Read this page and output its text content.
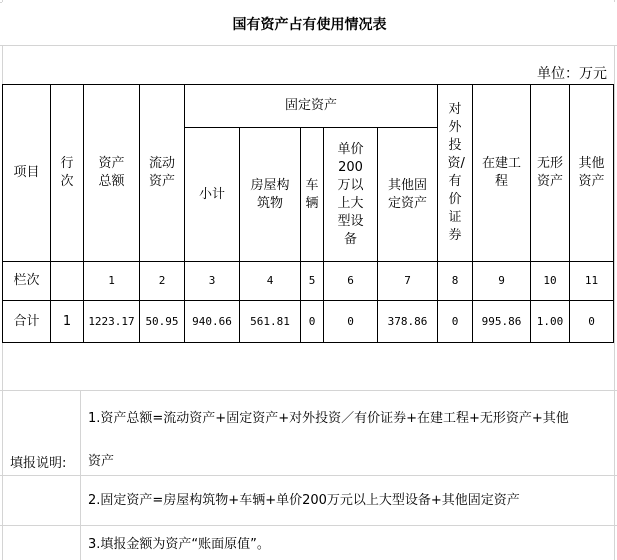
国有资产占有使用情况表
单位：万元
项目	行次	资产总额	流动资产	固定资产					对外投资/有价证券	在建工程	无形资产	其他资产
				小计	房屋构筑物	车辆	单价200万以上大型设备	其他固定资产				
栏次		1	2	3	4	5	6	7	8	9	10	11
合计	1	1223.17	50.95	940.66	561.81	0	0	378.86	0	995.86	1.00	0
填报说明:
1.资产总额=流动资产+固定资产+对外投资／有价证券+在建工程+无形资产+其他
资产
2.固定资产=房屋构筑物+车辆+单价200万元以上大型设备+其他固定资产
3.填报金额为资产“账面原值”。
